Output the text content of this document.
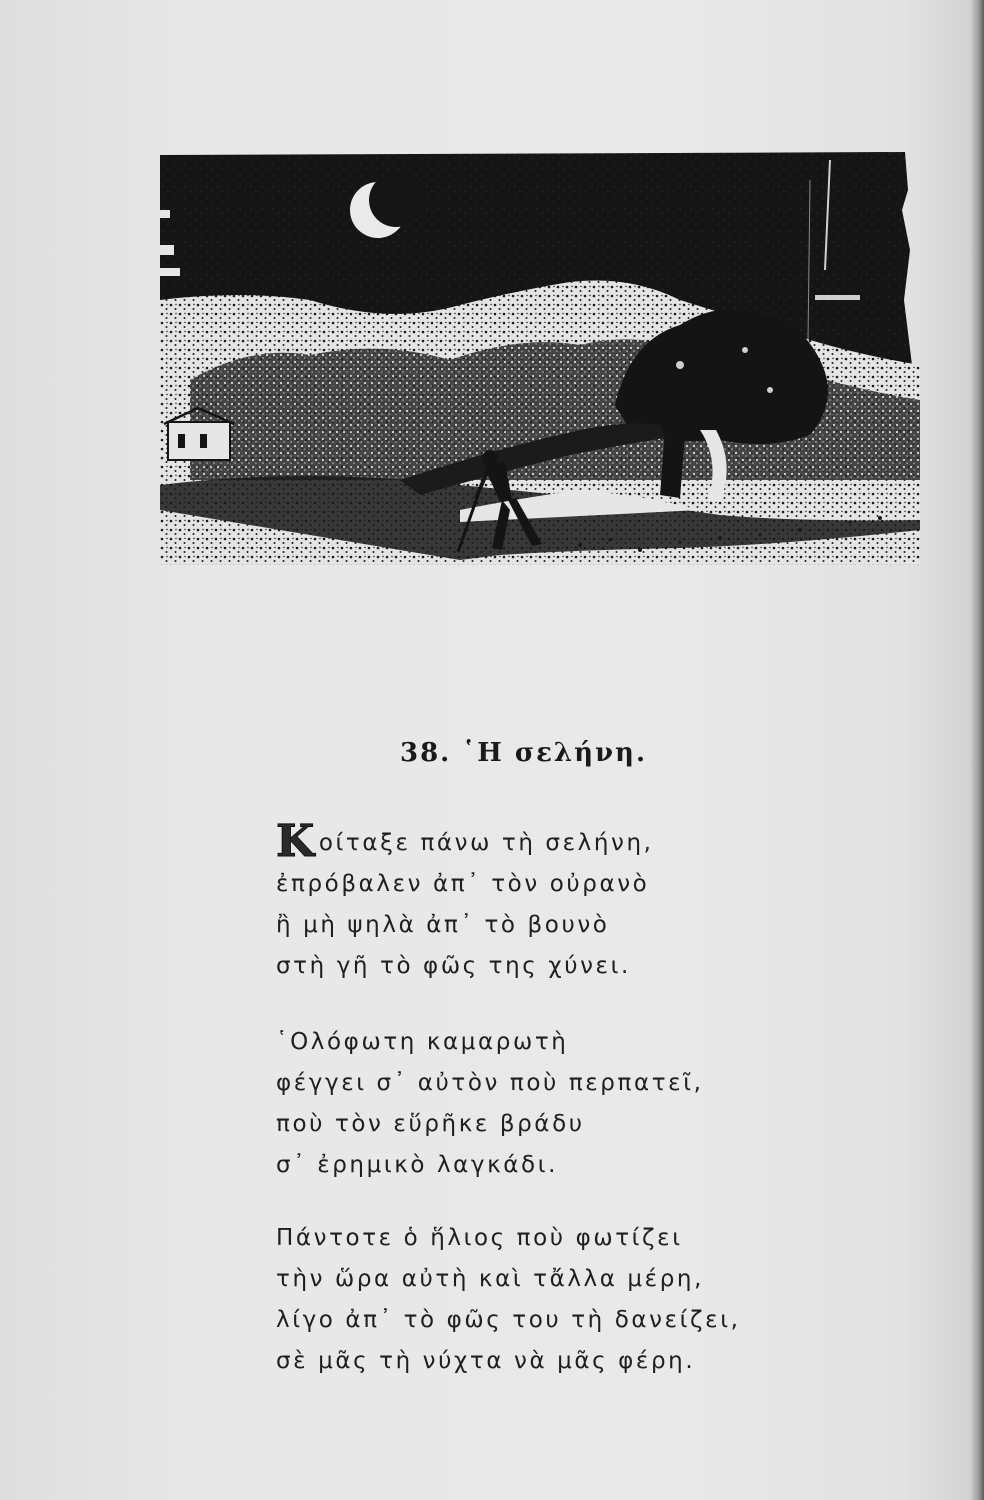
38. ῾Η σελήνη.
Κοίταξε πάνω τὴ σελήνη,
ἐπρόβαλεν ἀπ᾿ τὸν οὐρανὸ
ἢ μὴ ψηλὰ ἀπ᾿ τὸ βουνὸ
στὴ γῆ τὸ φῶς της χύνει.
῾Ολόφωτη καμαρωτὴ
φέγγει σ᾿ αὐτὸν ποὺ περπατεῖ,
ποὺ τὸν εὕρῆκε βράδυ
σ᾿ ἐρημικὸ λαγκάδι.
Πάντοτε ὁ ἥλιος ποὺ φωτίζει
τὴν ὥρα αὐτὴ καὶ τἄλλα μέρη,
λίγο ἀπ᾿ τὸ φῶς του τὴ δανείζει,
σὲ μᾶς τὴ νύχτα νὰ μᾶς φέρη.
